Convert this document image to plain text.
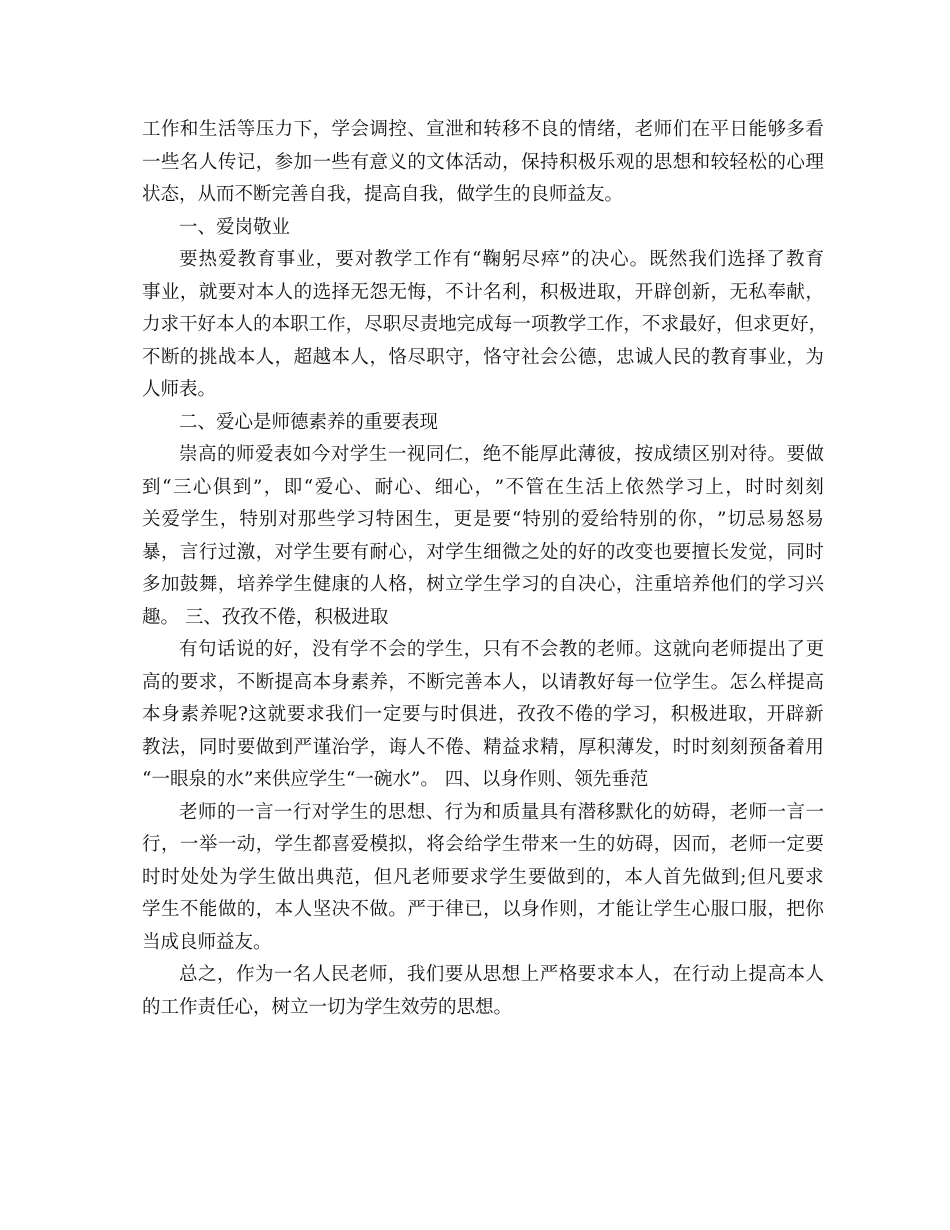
工 作 和 生 活 等 压 力 下 ， 学 会 调 控 、 宣 泄 和 转 移 不 良 的 情 绪 ， 老 师 们 在 平 日 能 够 多 看
一 些 名 人 传 记 ， 参 加 一 些 有 意 义 的 文 体 活 动 ， 保 持 积 极 乐 观 的 思 想 和 较 轻 松 的 心 理
状态，从而不断完善自我，提高自我，做学生的良师益友。
一、爱岗敬业
要 热 爱 教 育 事 业 ， 要 对 教 学 工 作 有 “ 鞠 躬 尽 瘁 ” 的 决 心 。 既 然 我 们 选 择 了 教 育
事 业 ， 就 要 对 本 人 的 选 择 无 怨 无 悔 ， 不 计 名 利 ， 积 极 进 取 ， 开 辟 创 新 ， 无 私 奉 献 ，
力 求 干 好 本 人 的 本 职 工 作 ， 尽 职 尽 责 地 完 成 每 一 项 教 学 工 作 ， 不 求 最 好 ， 但 求 更 好 ，
不 断 的 挑 战 本 人 ， 超 越 本 人 ， 恪 尽 职 守 ， 恪 守 社 会 公 德 ， 忠 诚 人 民 的 教 育 事 业 ， 为
人师表。
二、爱心是师德素养的重要表现
崇 高 的 师 爱 表 如 今 对 学 生 一 视 同 仁 ， 绝 不 能 厚 此 薄 彼 ， 按 成 绩 区 别 对 待 。 要 做
到 “ 三 心 俱 到 ” ， 即 “ 爱 心 、 耐 心 、 细 心 ， ” 不 管 在 生 活 上 依 然 学 习 上 ， 时 时 刻 刻
关 爱 学 生 ， 特 别 对 那 些 学 习 特 困 生 ， 更 是 要 “ 特 别 的 爱 给 特 别 的 你 ， ” 切 忌 易 怒 易
暴 ， 言 行 过 激 ， 对 学 生 要 有 耐 心 ， 对 学 生 细 微 之 处 的 好 的 改 变 也 要 擅 长 发 觉 ， 同 时
多 加 鼓 舞 ， 培 养 学 生 健 康 的 人 格 ， 树 立 学 生 学 习 的 自 决 心 ， 注 重 培 养 他 们 的 学 习 兴
趣。 三、孜孜不倦，积极进取
有 句 话 说 的 好 ， 没 有 学 不 会 的 学 生 ， 只 有 不 会 教 的 老 师 。 这 就 向 老 师 提 出 了 更
高 的 要 求 ， 不 断 提 高 本 身 素 养 ， 不 断 完 善 本 人 ， 以 请 教 好 每 一 位 学 生 。 怎 么 样 提 高
本 身 素 养 呢 ? 这 就 要 求 我 们 一 定 要 与 时 俱 进 ， 孜 孜 不 倦 的 学 习 ， 积 极 进 取 ， 开 辟 新
教 法 ， 同 时 要 做 到 严 谨 治 学 ， 诲 人 不 倦 、 精 益 求 精 ， 厚 积 薄 发 ， 时 时 刻 刻 预 备 着 用
“一眼泉的水”来供应学生“一碗水”。 四、以身作则、领先垂范
老 师 的 一 言 一 行 对 学 生 的 思 想 、 行 为 和 质 量 具 有 潜 移 默 化 的 妨 碍 ， 老 师 一 言 一
行 ， 一 举 一 动 ， 学 生 都 喜 爱 模 拟 ， 将 会 给 学 生 带 来 一 生 的 妨 碍 ， 因 而 ， 老 师 一 定 要
时 时 处 处 为 学 生 做 出 典 范 ， 但 凡 老 师 要 求 学 生 要 做 到 的 ， 本 人 首 先 做 到 ; 但 凡 要 求
学 生 不 能 做 的 ， 本 人 坚 决 不 做 。 严 于 律 已 ， 以 身 作 则 ， 才 能 让 学 生 心 服 口 服 ， 把 你
当成良师益友。
总 之 ， 作 为 一 名 人 民 老 师 ， 我 们 要 从 思 想 上 严 格 要 求 本 人 ， 在 行 动 上 提 高 本 人
的工作责任心，树立一切为学生效劳的思想。
